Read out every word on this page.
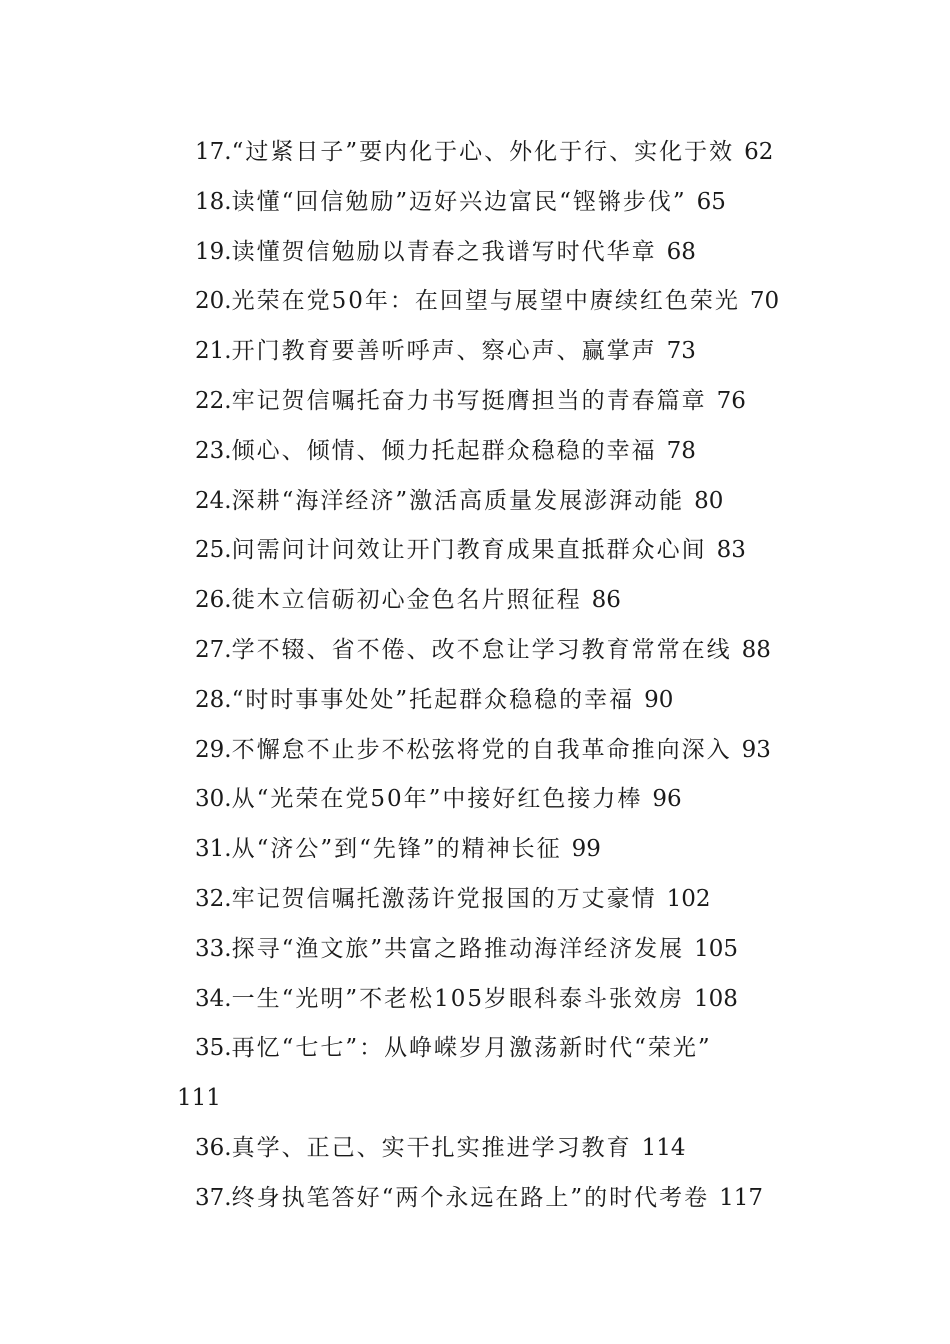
17.“过紧日子”要内化于心、外化于行、实化于效 62
18.读懂“回信勉励”迈好兴边富民“铿锵步伐” 65
19.读懂贺信勉励以青春之我谱写时代华章 68
20.光荣在党50年：在回望与展望中赓续红色荣光 70
21.开门教育要善听呼声、察心声、赢掌声 73
22.牢记贺信嘱托奋力书写挺膺担当的青春篇章 76
23.倾心、倾情、倾力托起群众稳稳的幸福 78
24.深耕“海洋经济”激活高质量发展澎湃动能 80
25.问需问计问效让开门教育成果直抵群众心间 83
26.徙木立信砺初心金色名片照征程 86
27.学不辍、省不倦、改不怠让学习教育常常在线 88
28.“时时事事处处”托起群众稳稳的幸福 90
29.不懈怠不止步不松弦将党的自我革命推向深入 93
30.从“光荣在党50年”中接好红色接力棒 96
31.从“济公”到“先锋”的精神长征 99
32.牢记贺信嘱托激荡许党报国的万丈豪情 102
33.探寻“渔文旅”共富之路推动海洋经济发展 105
34.一生“光明”不老松105岁眼科泰斗张效房 108
35.再忆“七七”：从峥嵘岁月激荡新时代“荣光”
111
36.真学、正己、实干扎实推进学习教育 114
37.终身执笔答好“两个永远在路上”的时代考卷 117
